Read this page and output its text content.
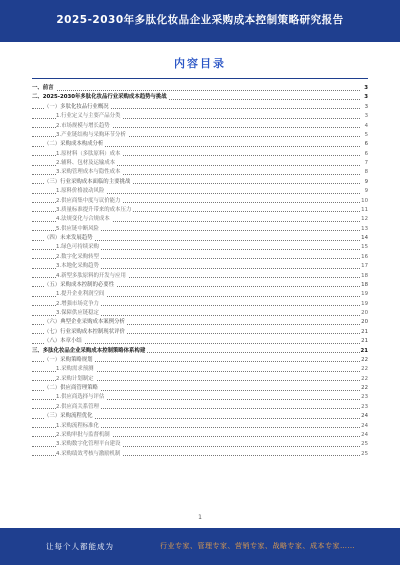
2025-2030年多肽化妆品企业采购成本控制策略研究报告
内容目录
一、前言	3
二、2025-2030年多肽化妆品行业采购成本趋势与挑战	3
（一）多肽化妆品行业概况	3
1.行业定义与主要产品分类	3
2.市场规模与增长趋势	4
3.产业链结构与采购环节分析	5
（二）采购成本构成分析	6
1.原材料（多肽原料）成本	6
2.辅料、包材及运输成本	7
3.采购管理成本与隐性成本	8
（三）行业采购成本面临的主要挑战	9
1.原料价格波动风险	9
2.供应商集中度与议价能力	10
3.质量标准提升带来的成本压力	11
4.法规变化与合规成本	12
5.供应链中断风险	13
（四）未来发展趋势	14
1.绿色可持续采购	15
2.数字化采购转型	16
3.本地化采购趋势	17
4.新型多肽原料的开发与应用	18
（五）采购成本控制的必要性	18
1.提升企业利润空间	19
2.增强市场竞争力	19
3.保障供应链稳定	20
（六）典型企业采购成本案例分析	20
（七）行业采购成本控制现状评价	21
（八）本章小结	21
三、多肽化妆品企业采购成本控制策略体系构建	21
（一）采购策略规划	22
1.采购需求预测	22
2.采购计划制定	22
（二）供应商管理策略	22
1.供应商选择与评估	23
2.供应商关系管理	23
（三）采购流程优化	24
1.采购流程标准化	24
2.采购审批与监督机制	24
3.采购数字化管理平台建设	25
4.采购绩效考核与激励机制	25
1
让每个人都能成为	行业专家、管理专家、营销专家、战略专家、成本专家……
